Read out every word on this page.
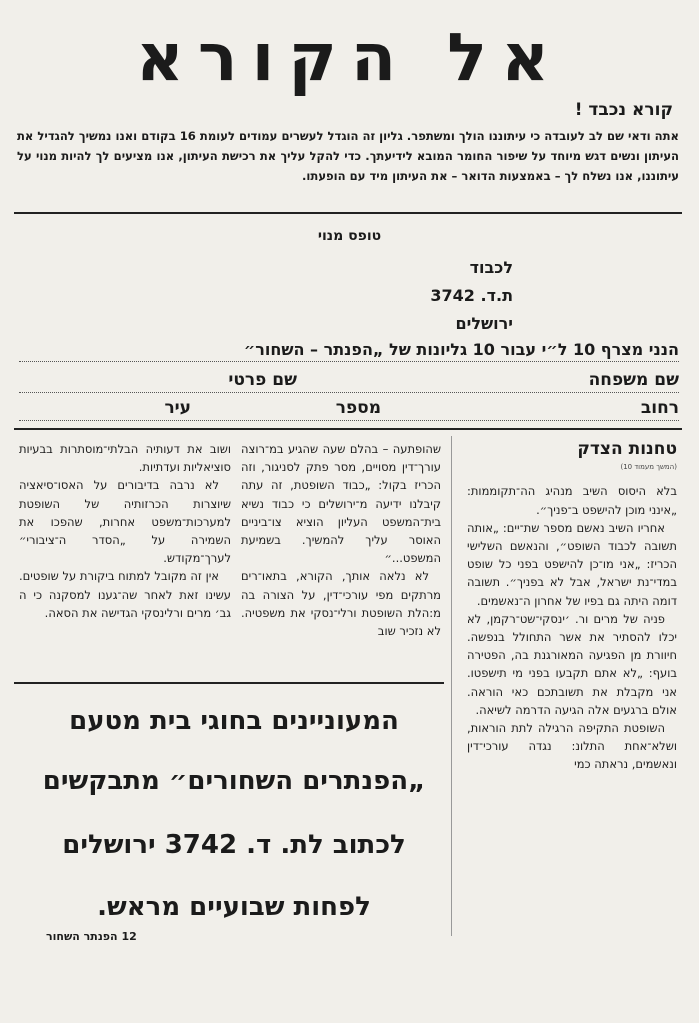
אל הקורא
קורא נכבד !
אתה ודאי שם לב לעובדה כי עיתוננו הולך ומשתפר. גליון זה הוגדל לעשרים עמודים לעומת 16 בקודם ואנו נמשיך להגדיל את העיתון ונשים דגש מיוחד על שיפור החומר המובא לידיעתך. כדי להקל עליך את רכישת העיתון, אנו מציעים לך להיות מנוי על עיתוננו, אנו נשלח לך – באמצעות הדואר – את העיתון מיד עם הופעתו.
טופס מנוי
לכבוד
ת.ד. 3742
ירושלים
הנני מצרף 10 ל״י עבור 10 גליונות של „הפנתר – השחור״
שם משפחה
שם פרטי
רחוב
מספר
עיר
טחנות הצדק
(המשך מעמוד 10)

בלא היסוס השיב מנהיג הה־תקוממות: „אינני מוכן להישפט ב־פניך״.

אחריו השיב נאשם מספר שת־יים: „אותה תשובה לכבוד השופט״, והנאשם השלישי הכריז: „אני מו־כן להישפט בפני כל שופט במדי־נת ישראל, אבל לא בפניך״. תשובה דומה היתה גם בפיו של אחרון ה־נאשמים.

פניה של מרים ור. ׳ינסקי־שט־רקמן, לא יכלו להסתיר את אשר התחולל בנפשה. חיוורת מן הפגיעה המאורגנת בה, הפטירה בועף: „לא אתם תקבעו בפני מי תישפטו. אני מקבלת את תשובתכם כאי הוראה. אולם ברגעים אלה הגיעה הדרמה לשיאה.

השופטת התקיפה הרגילה לתת הוראות, ושלא־אחת התלונ: נגדה עורכי־דין ונאשמים, נראתה כמי

שהופתעה – בהלם שעה שהגיע במ־רוצה עורך־דין מסויים, מסר פתק לסניגור, וזה הכריז בקול: „כבוד השופטת, זה עתה קיבלנו ידיעה מ־ירושלים כי כבוד נשיא בית־המשפט העליון הוציא צו־ביניים האוסר עליך להמשיך. בשמיעת המשפט...״

לא נלאה אותך, הקורא, בתאו־רים מרתקים מפי עורכי־דין, על הצורה בה מ:הלת השופטת ורלי־נסקי את משפטיה. לא נזכיר שוב

ושוב את דעותיה הבלתי־מוסתרות בבעיות סוציאליות ועדתיות.

לא נרבה בדיבורים על האסו־סיאציה שיוצרות הכרזותיה של השופטת למערכות־משפט אחרות, שהפכו את השמירה על „הסדר ה־ציבורי״ לערך־מקודש.

אין זה מקובל למתוח ביקורת על שופטים. עשינו זאת לאחר שה־גענו למסקנה כי ה גב׳ מרים ורלינסקי הגדישה את הסאה.

המעוניינים בחוגי בית מטעם
„הפנתרים השחורים״ מתבקשים
לכתוב לת. ד. 3742 ירושלים
לפחות שבועיים מראש.
12 הפנתר השחור
